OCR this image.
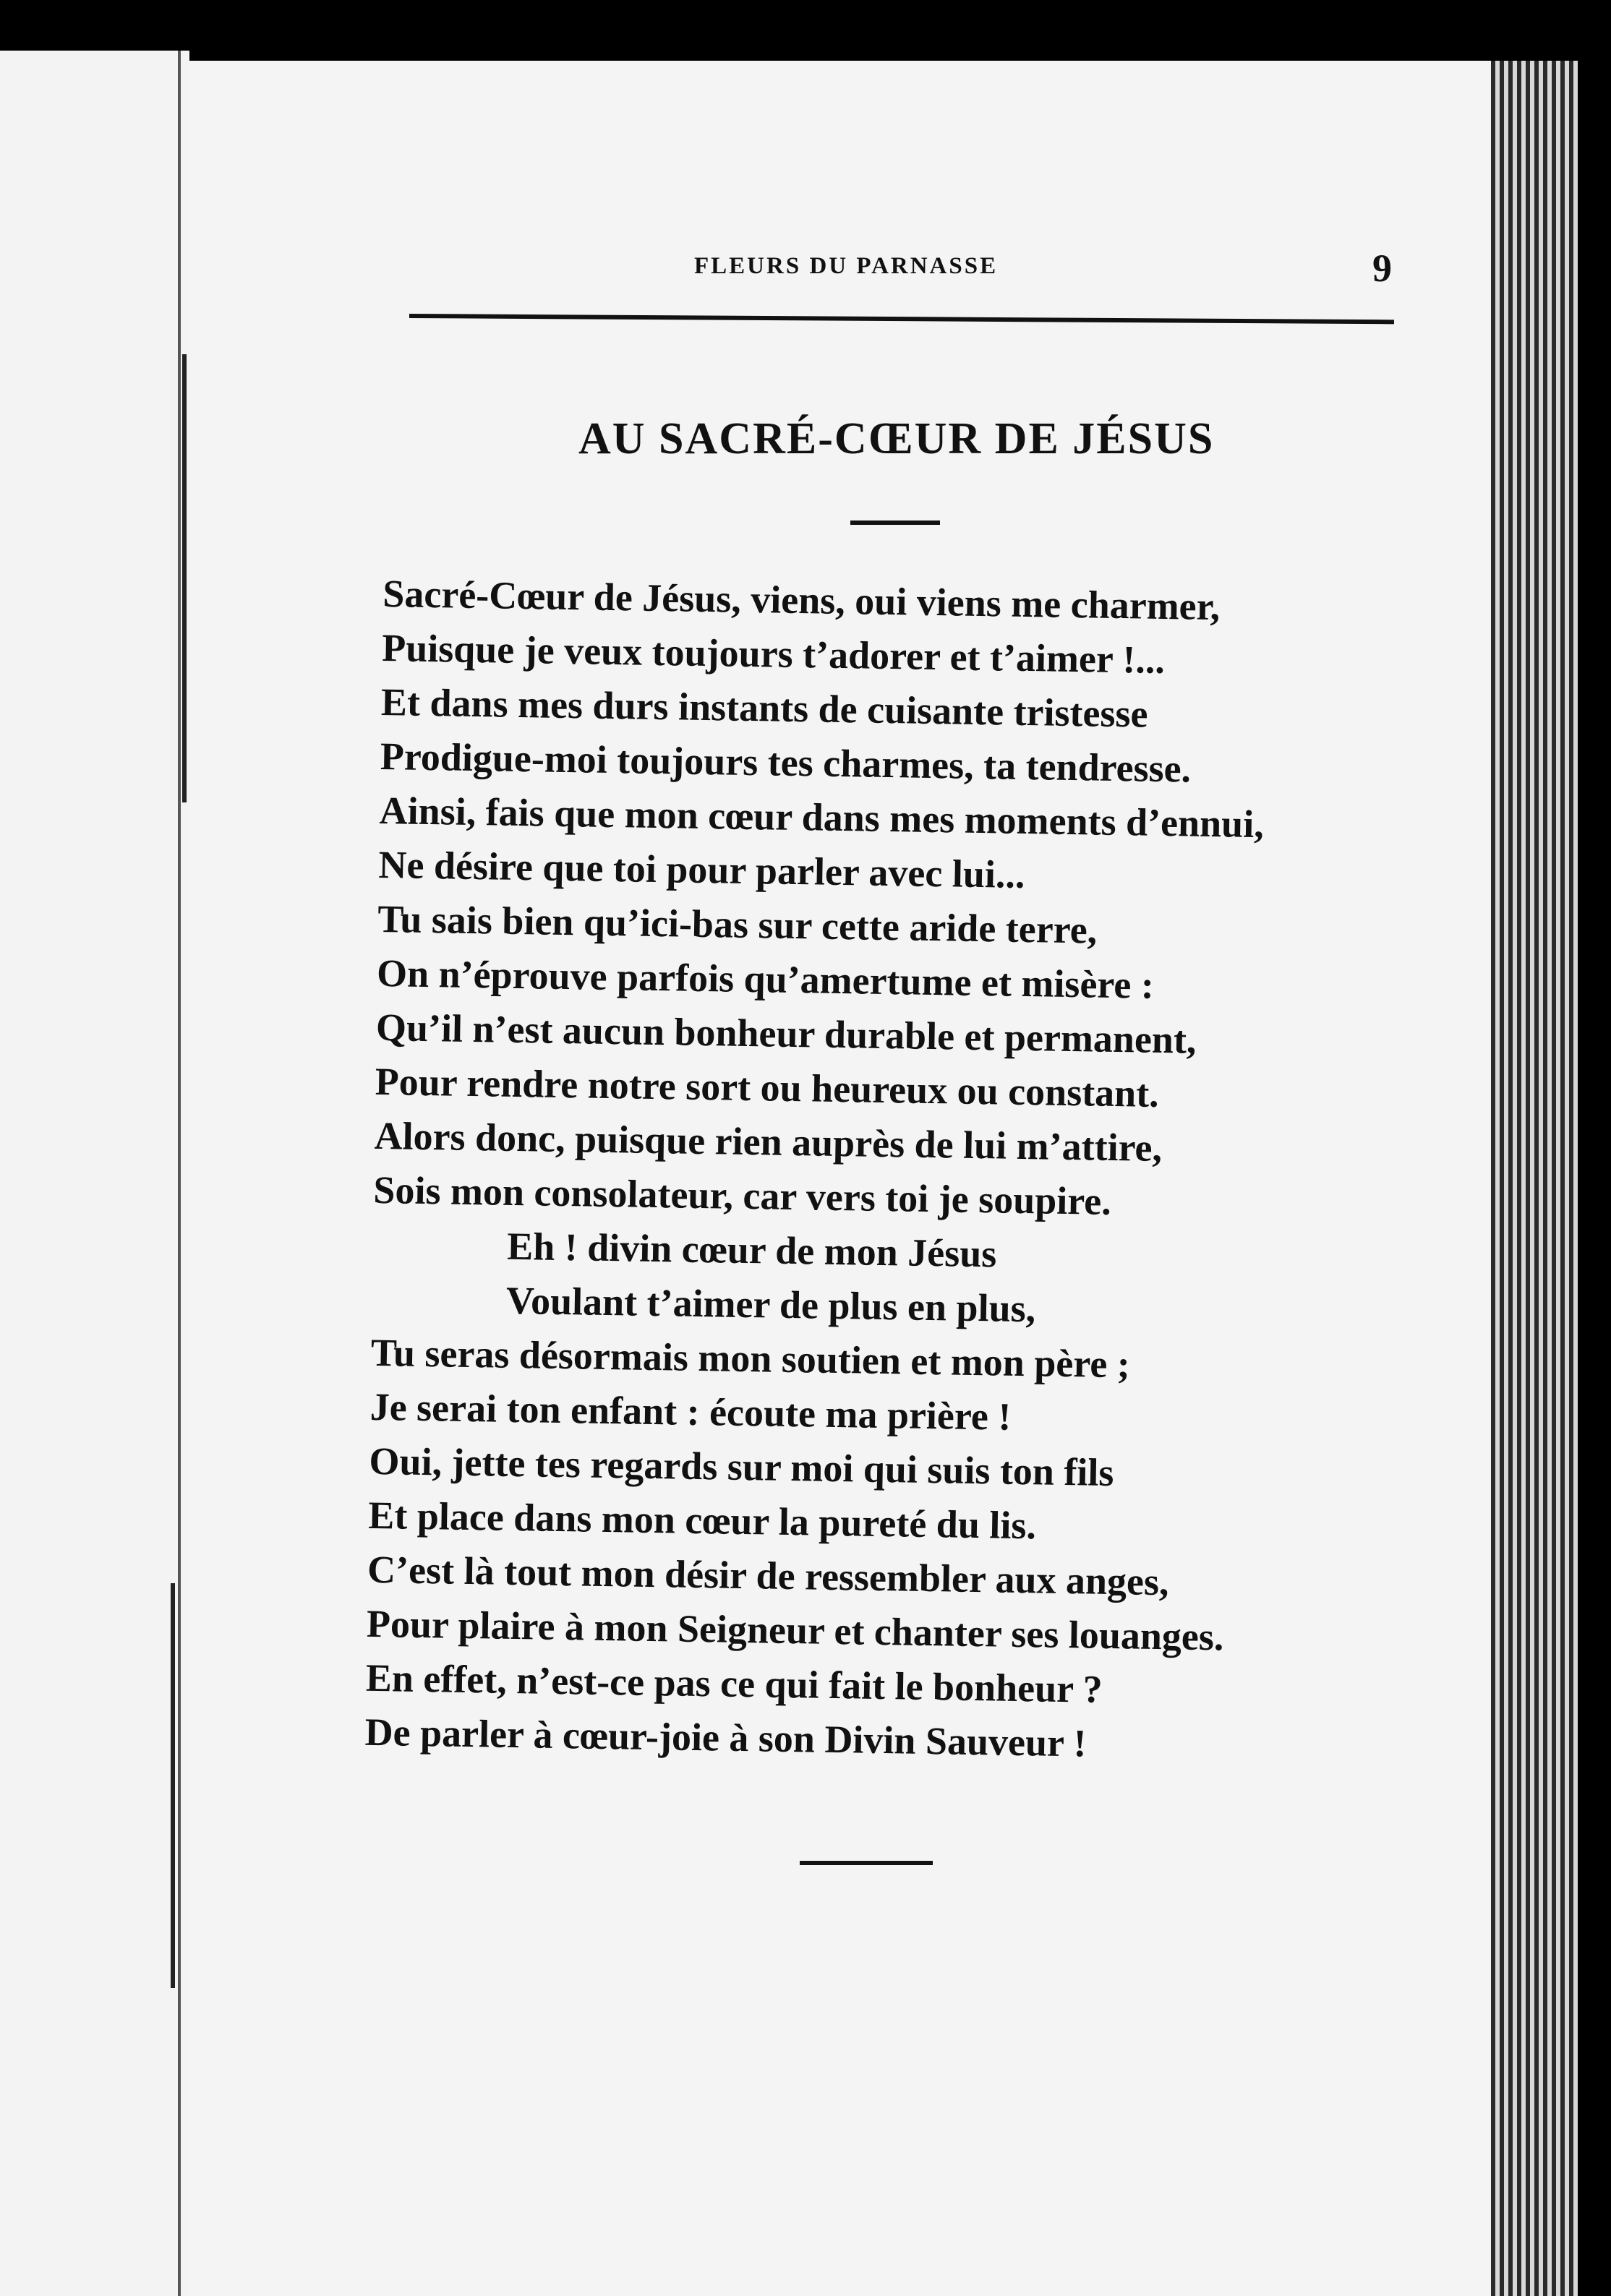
FLEURS DU PARNASSE	9
AU SACRÉ-CŒUR DE JÉSUS
Sacré-Cœur de Jésus, viens, oui viens me charmer,
Puisque je veux toujours t’adorer et t’aimer !...
Et dans mes durs instants de cuisante tristesse
Prodigue-moi toujours tes charmes, ta tendresse.
Ainsi, fais que mon cœur dans mes moments d’ennui,
Ne désire que toi pour parler avec lui...
Tu sais bien qu’ici-bas sur cette aride terre,
On n’éprouve parfois qu’amertume et misère :
Qu’il n’est aucun bonheur durable et permanent,
Pour rendre notre sort ou heureux ou constant.
Alors donc, puisque rien auprès de lui m’attire,
Sois mon consolateur, car vers toi je soupire.
Eh ! divin cœur de mon Jésus
Voulant t’aimer de plus en plus,
Tu seras désormais mon soutien et mon père ;
Je serai ton enfant : écoute ma prière !
Oui, jette tes regards sur moi qui suis ton fils
Et place dans mon cœur la pureté du lis.
C’est là tout mon désir de ressembler aux anges,
Pour plaire à mon Seigneur et chanter ses louanges.
En effet, n’est-ce pas ce qui fait le bonheur ?
De parler à cœur-joie à son Divin Sauveur !
